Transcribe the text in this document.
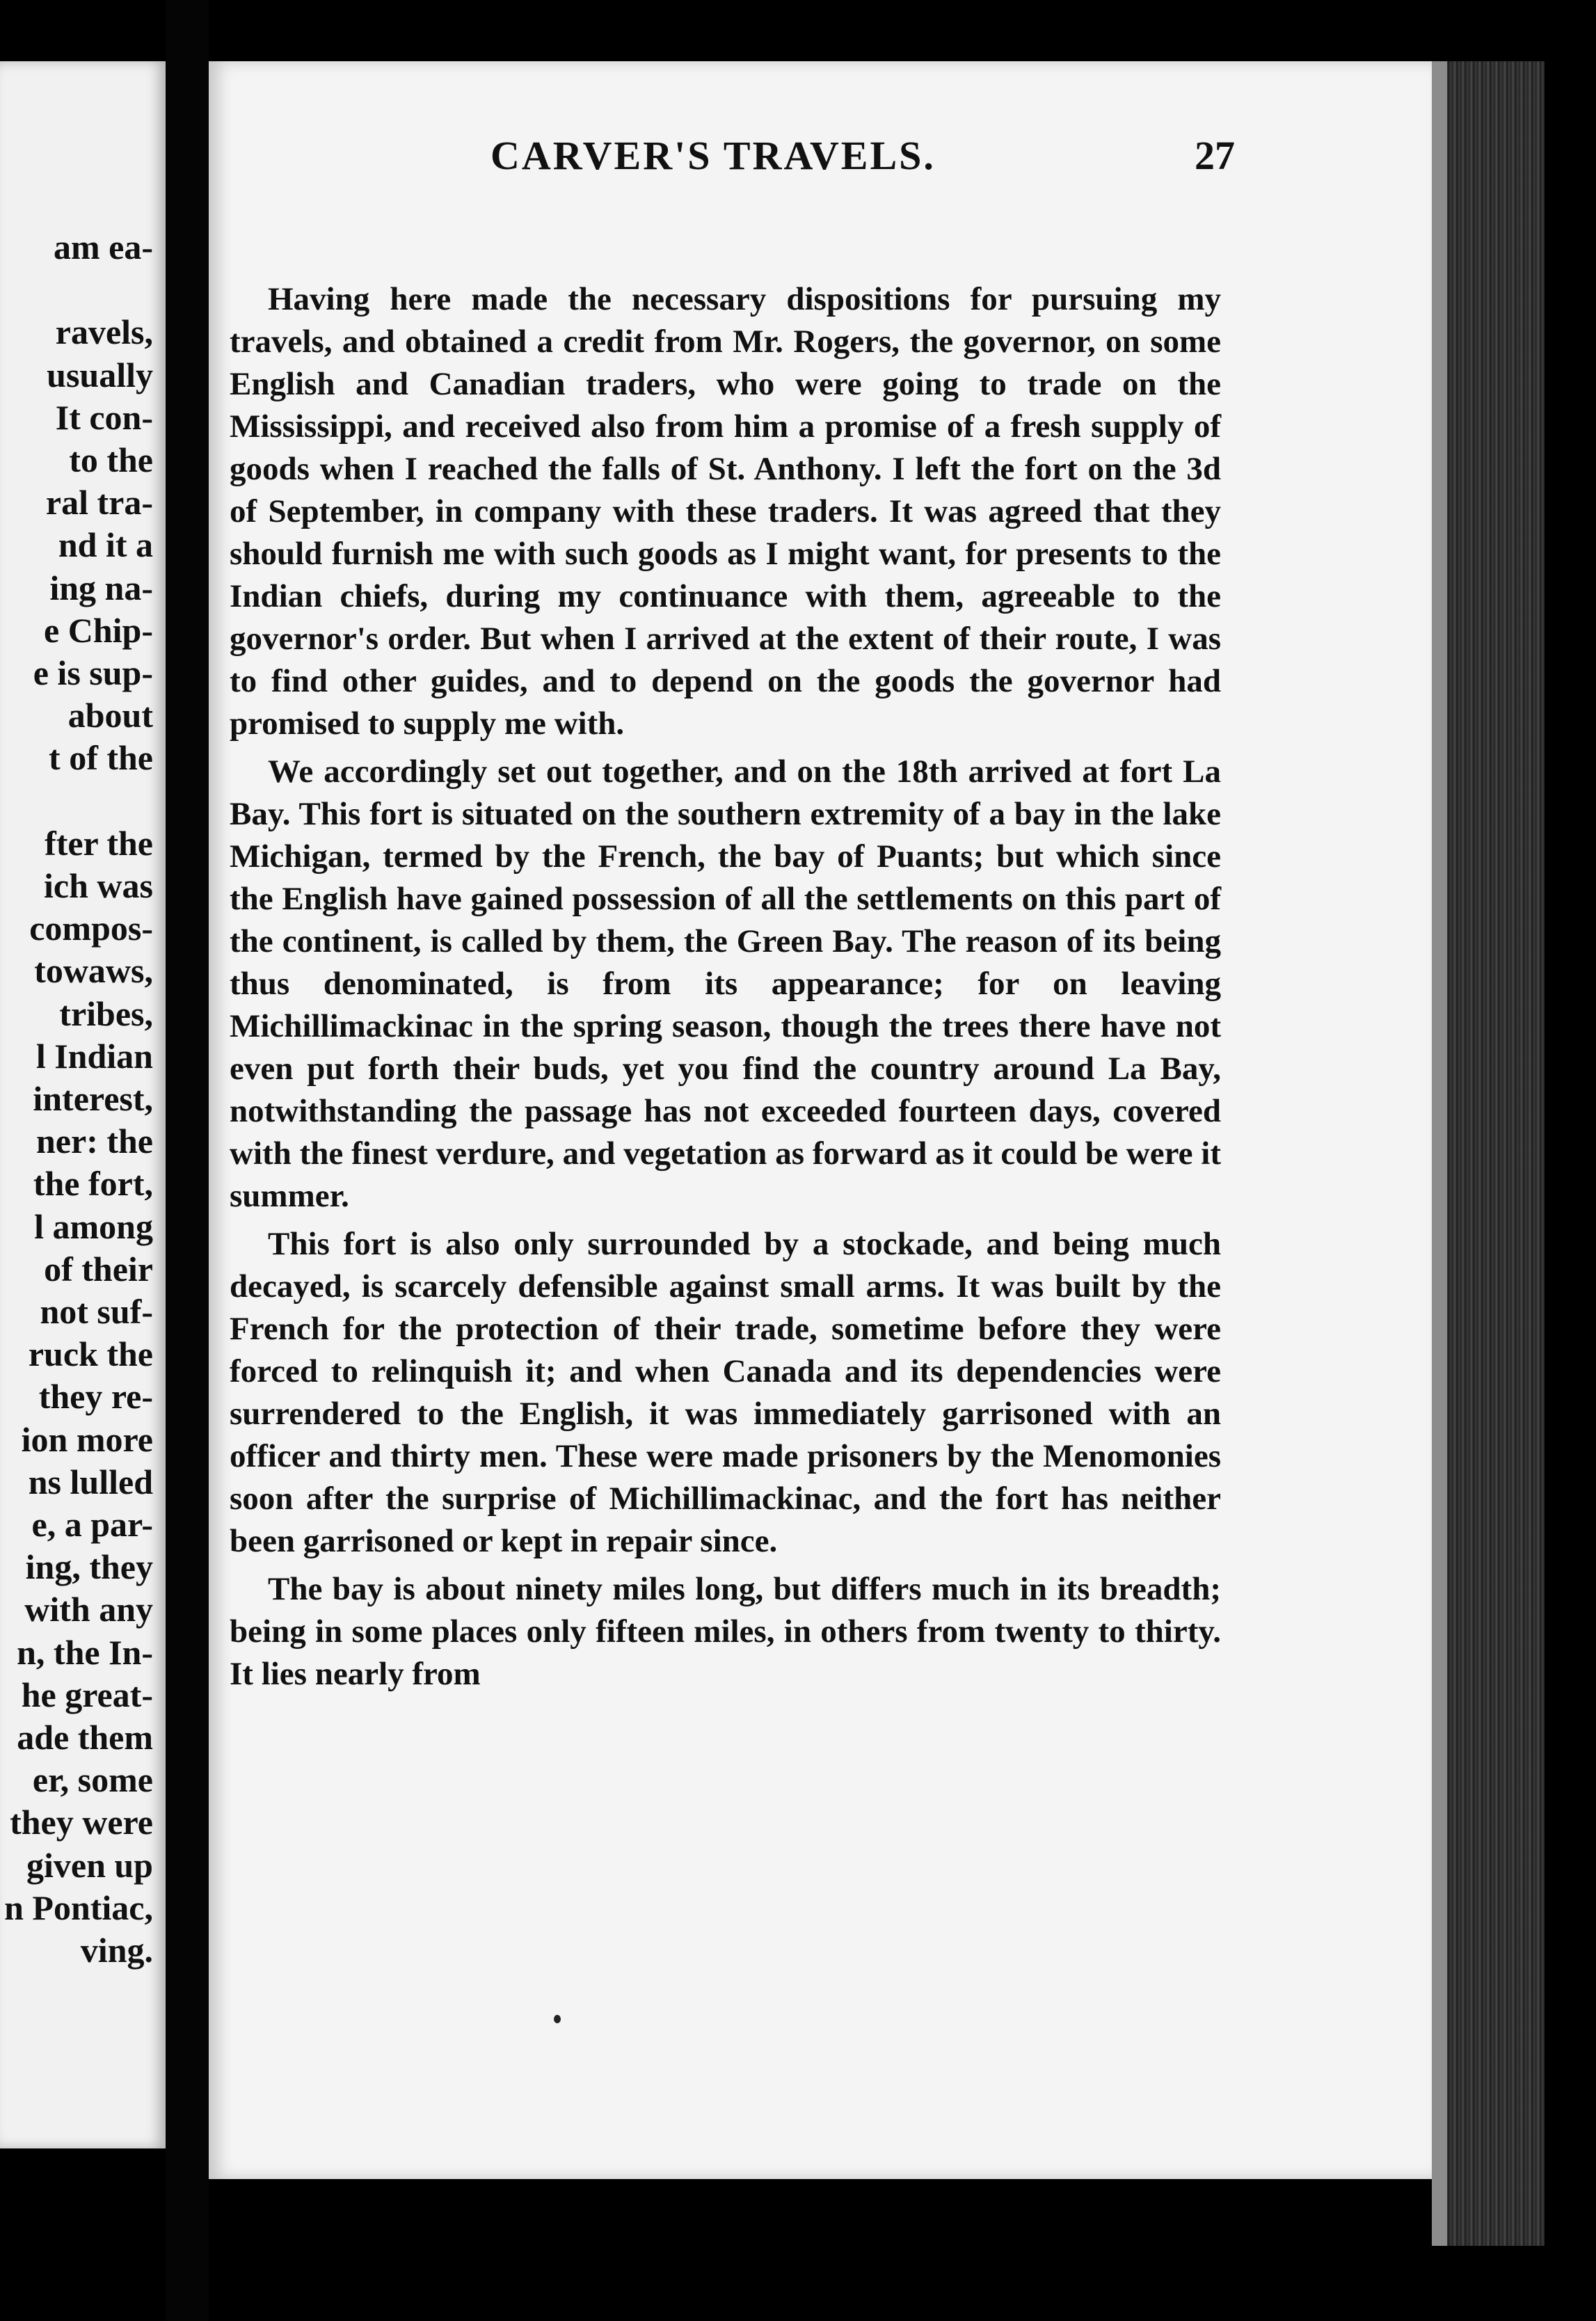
am ea-
ravels,
usually
It con-
to the
ral tra-
nd it a
ing na-
e Chip-
e is sup-
about
t of the
fter the
ich was
compos-
towaws,
tribes,
l Indian
interest,
ner: the
the fort,
l among
of their
not suf-
ruck the
they re-
ion more
ns lulled
e, a par-
ing, they
with any
n, the In-
he great-
ade them
er, some
they were
given up
n Pontiac,
ving.
CARVER'S TRAVELS.	27

Having here made the necessary dispositions for pursuing my travels, and obtained a credit from Mr. Rogers, the governor, on some English and Canadian traders, who were going to trade on the Mississippi, and received also from him a promise of a fresh supply of goods when I reached the falls of St. Anthony. I left the fort on the 3d of September, in company with these traders. It was agreed that they should furnish me with such goods as I might want, for presents to the Indian chiefs, during my continuance with them, agreeable to the governor's order. But when I arrived at the extent of their route, I was to find other guides, and to depend on the goods the governor had promised to supply me with.

We accordingly set out together, and on the 18th arrived at fort La Bay. This fort is situated on the southern extremity of a bay in the lake Michigan, termed by the French, the bay of Puants; but which since the English have gained possession of all the settlements on this part of the continent, is called by them, the Green Bay. The reason of its being thus denominated, is from its appearance; for on leaving Michillimackinac in the spring season, though the trees there have not even put forth their buds, yet you find the country around La Bay, notwithstanding the passage has not exceeded fourteen days, covered with the finest verdure, and vegetation as forward as it could be were it summer.

This fort is also only surrounded by a stockade, and being much decayed, is scarcely defensible against small arms. It was built by the French for the protection of their trade, sometime before they were forced to relinquish it; and when Canada and its dependencies were surrendered to the English, it was immediately garrisoned with an officer and thirty men. These were made prisoners by the Menomonies soon after the surprise of Michillimackinac, and the fort has neither been garrisoned or kept in repair since.

The bay is about ninety miles long, but differs much in its breadth; being in some places only fifteen miles, in others from twenty to thirty. It lies nearly from
